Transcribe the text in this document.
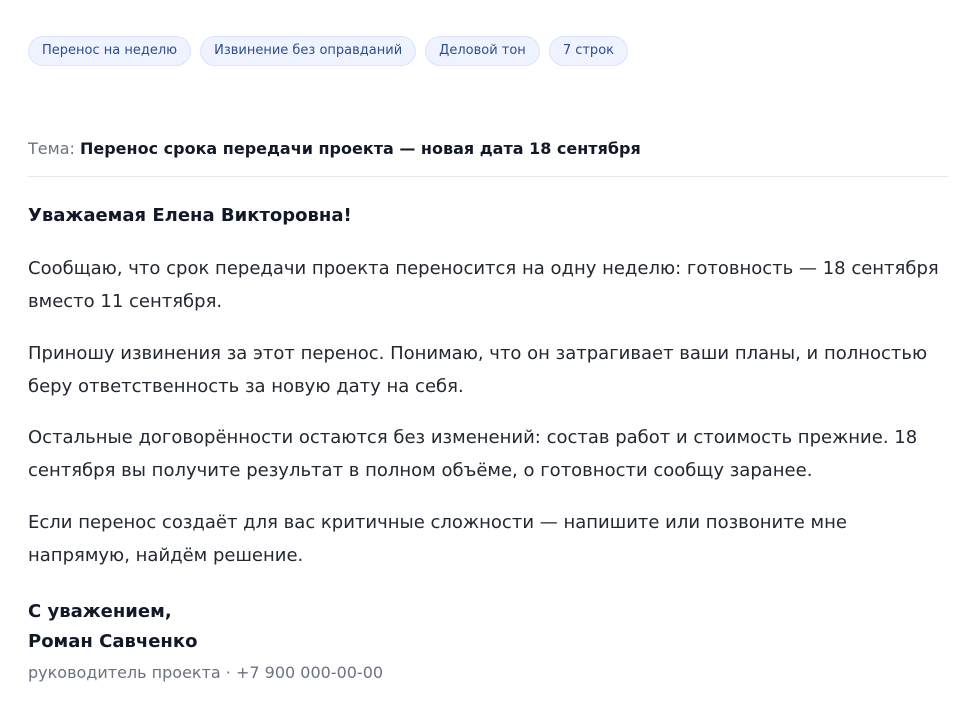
Перенос на неделю	Извинение без оправданий	Деловой тон	7 строк
Тема: Перенос срока передачи проекта — новая дата 18 сентября

Уважаемая Елена Викторовна!

Сообщаю, что срок передачи проекта переносится на одну неделю: готовность — 18 сентября вместо 11 сентября.

Приношу извинения за этот перенос. Понимаю, что он затрагивает ваши планы, и полностью беру ответственность за новую дату на себя.

Остальные договорённости остаются без изменений: состав работ и стоимость прежние. 18 сентября вы получите результат в полном объёме, о готовности сообщу заранее.

Если перенос создаёт для вас критичные сложности — напишите или позвоните мне напрямую, найдём решение.

С уважением,

Роман Савченко

руководитель проекта · +7 900 000-00-00
